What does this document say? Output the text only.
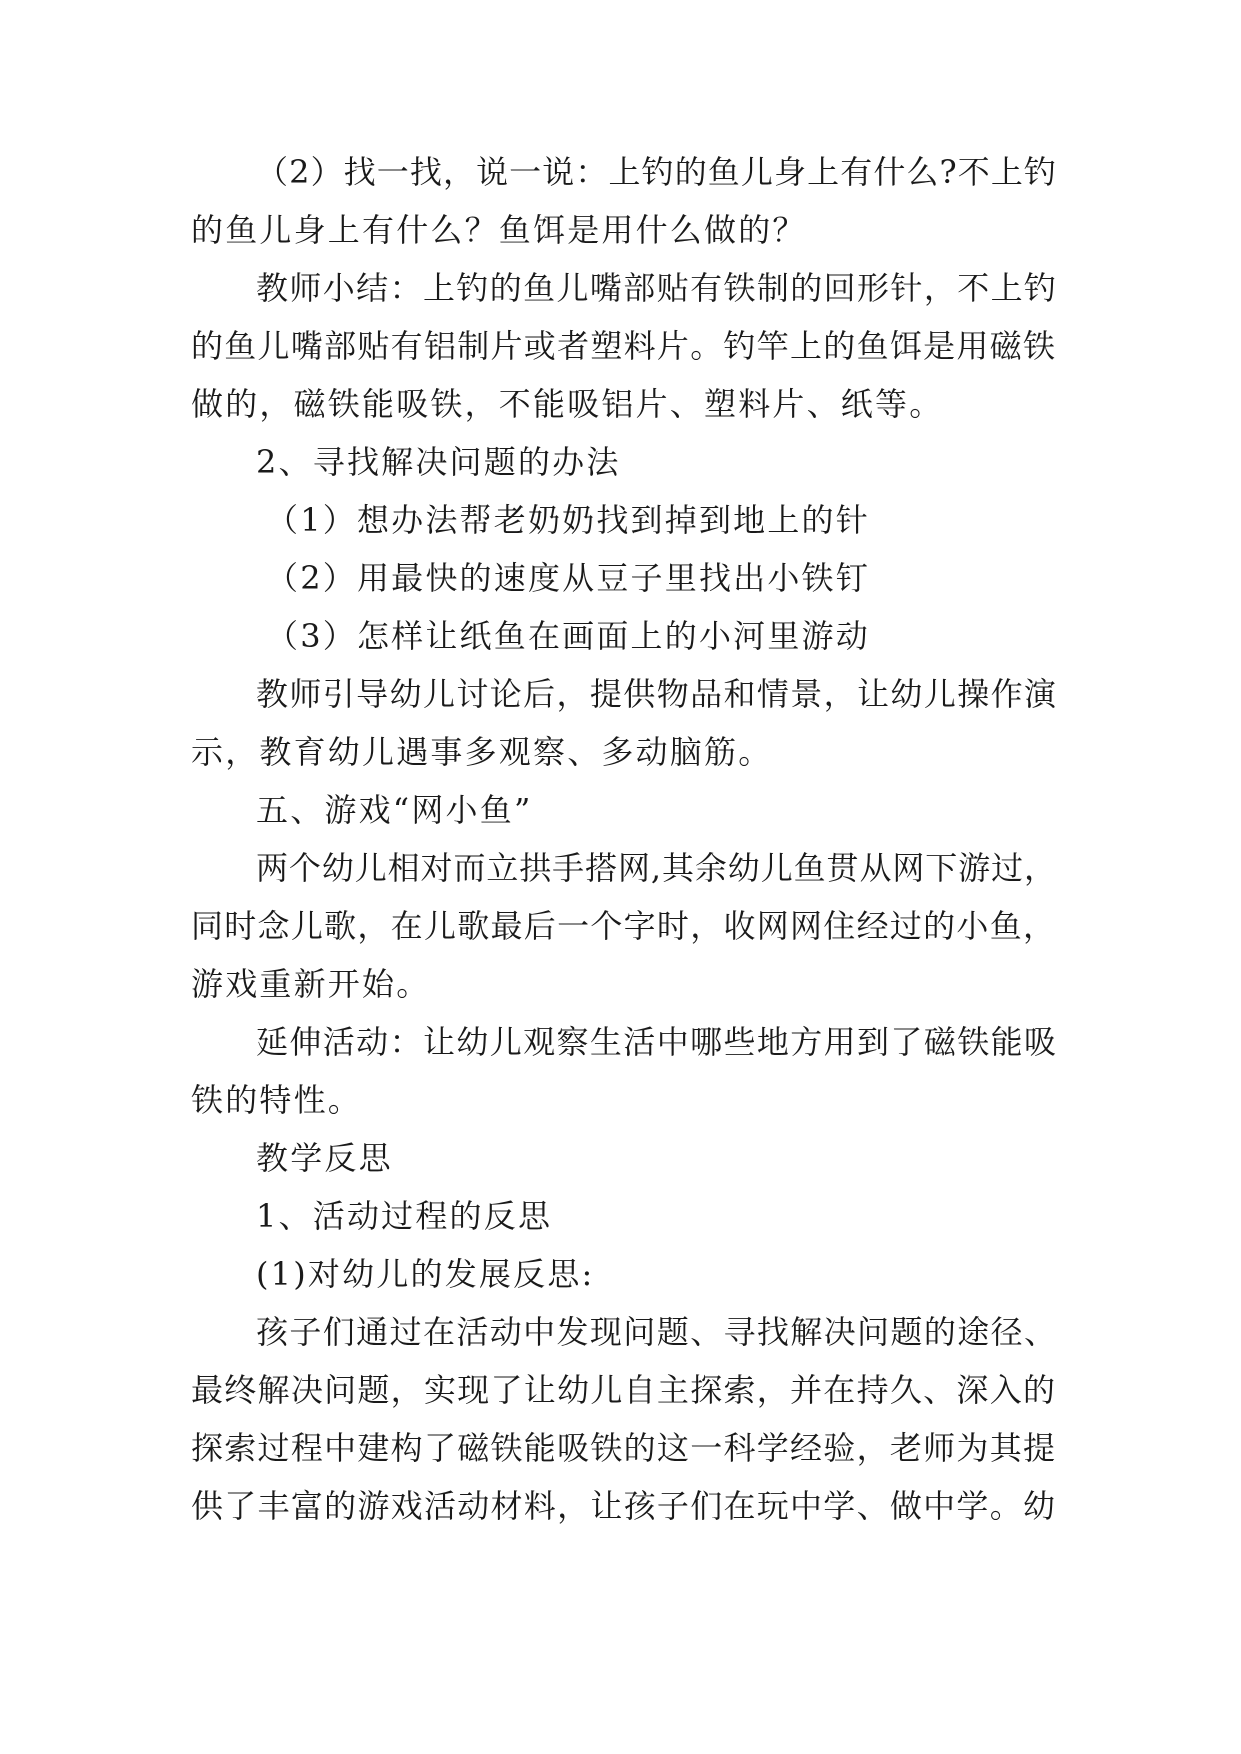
（2）找一找，说一说：上钓的鱼儿身上有什么?不上钓
的鱼儿身上有什么？鱼饵是用什么做的？
教师小结：上钓的鱼儿嘴部贴有铁制的回形针，不上钓
的鱼儿嘴部贴有铝制片或者塑料片。钓竿上的鱼饵是用磁铁
做的，磁铁能吸铁，不能吸铝片、塑料片、纸等。
2、寻找解决问题的办法
（1）想办法帮老奶奶找到掉到地上的针
（2）用最快的速度从豆子里找出小铁钉
（3）怎样让纸鱼在画面上的小河里游动
教师引导幼儿讨论后，提供物品和情景，让幼儿操作演
示，教育幼儿遇事多观察、多动脑筋。
五、游戏“网小鱼”
两个幼儿相对而立拱手搭网,其余幼儿鱼贯从网下游过，
同时念儿歌，在儿歌最后一个字时，收网网住经过的小鱼，
游戏重新开始。
延伸活动：让幼儿观察生活中哪些地方用到了磁铁能吸
铁的特性。
教学反思
1、活动过程的反思
(1)对幼儿的发展反思:
孩子们通过在活动中发现问题、寻找解决问题的途径、
最终解决问题，实现了让幼儿自主探索，并在持久、深入的
探索过程中建构了磁铁能吸铁的这一科学经验，老师为其提
供了丰富的游戏活动材料，让孩子们在玩中学、做中学。幼
